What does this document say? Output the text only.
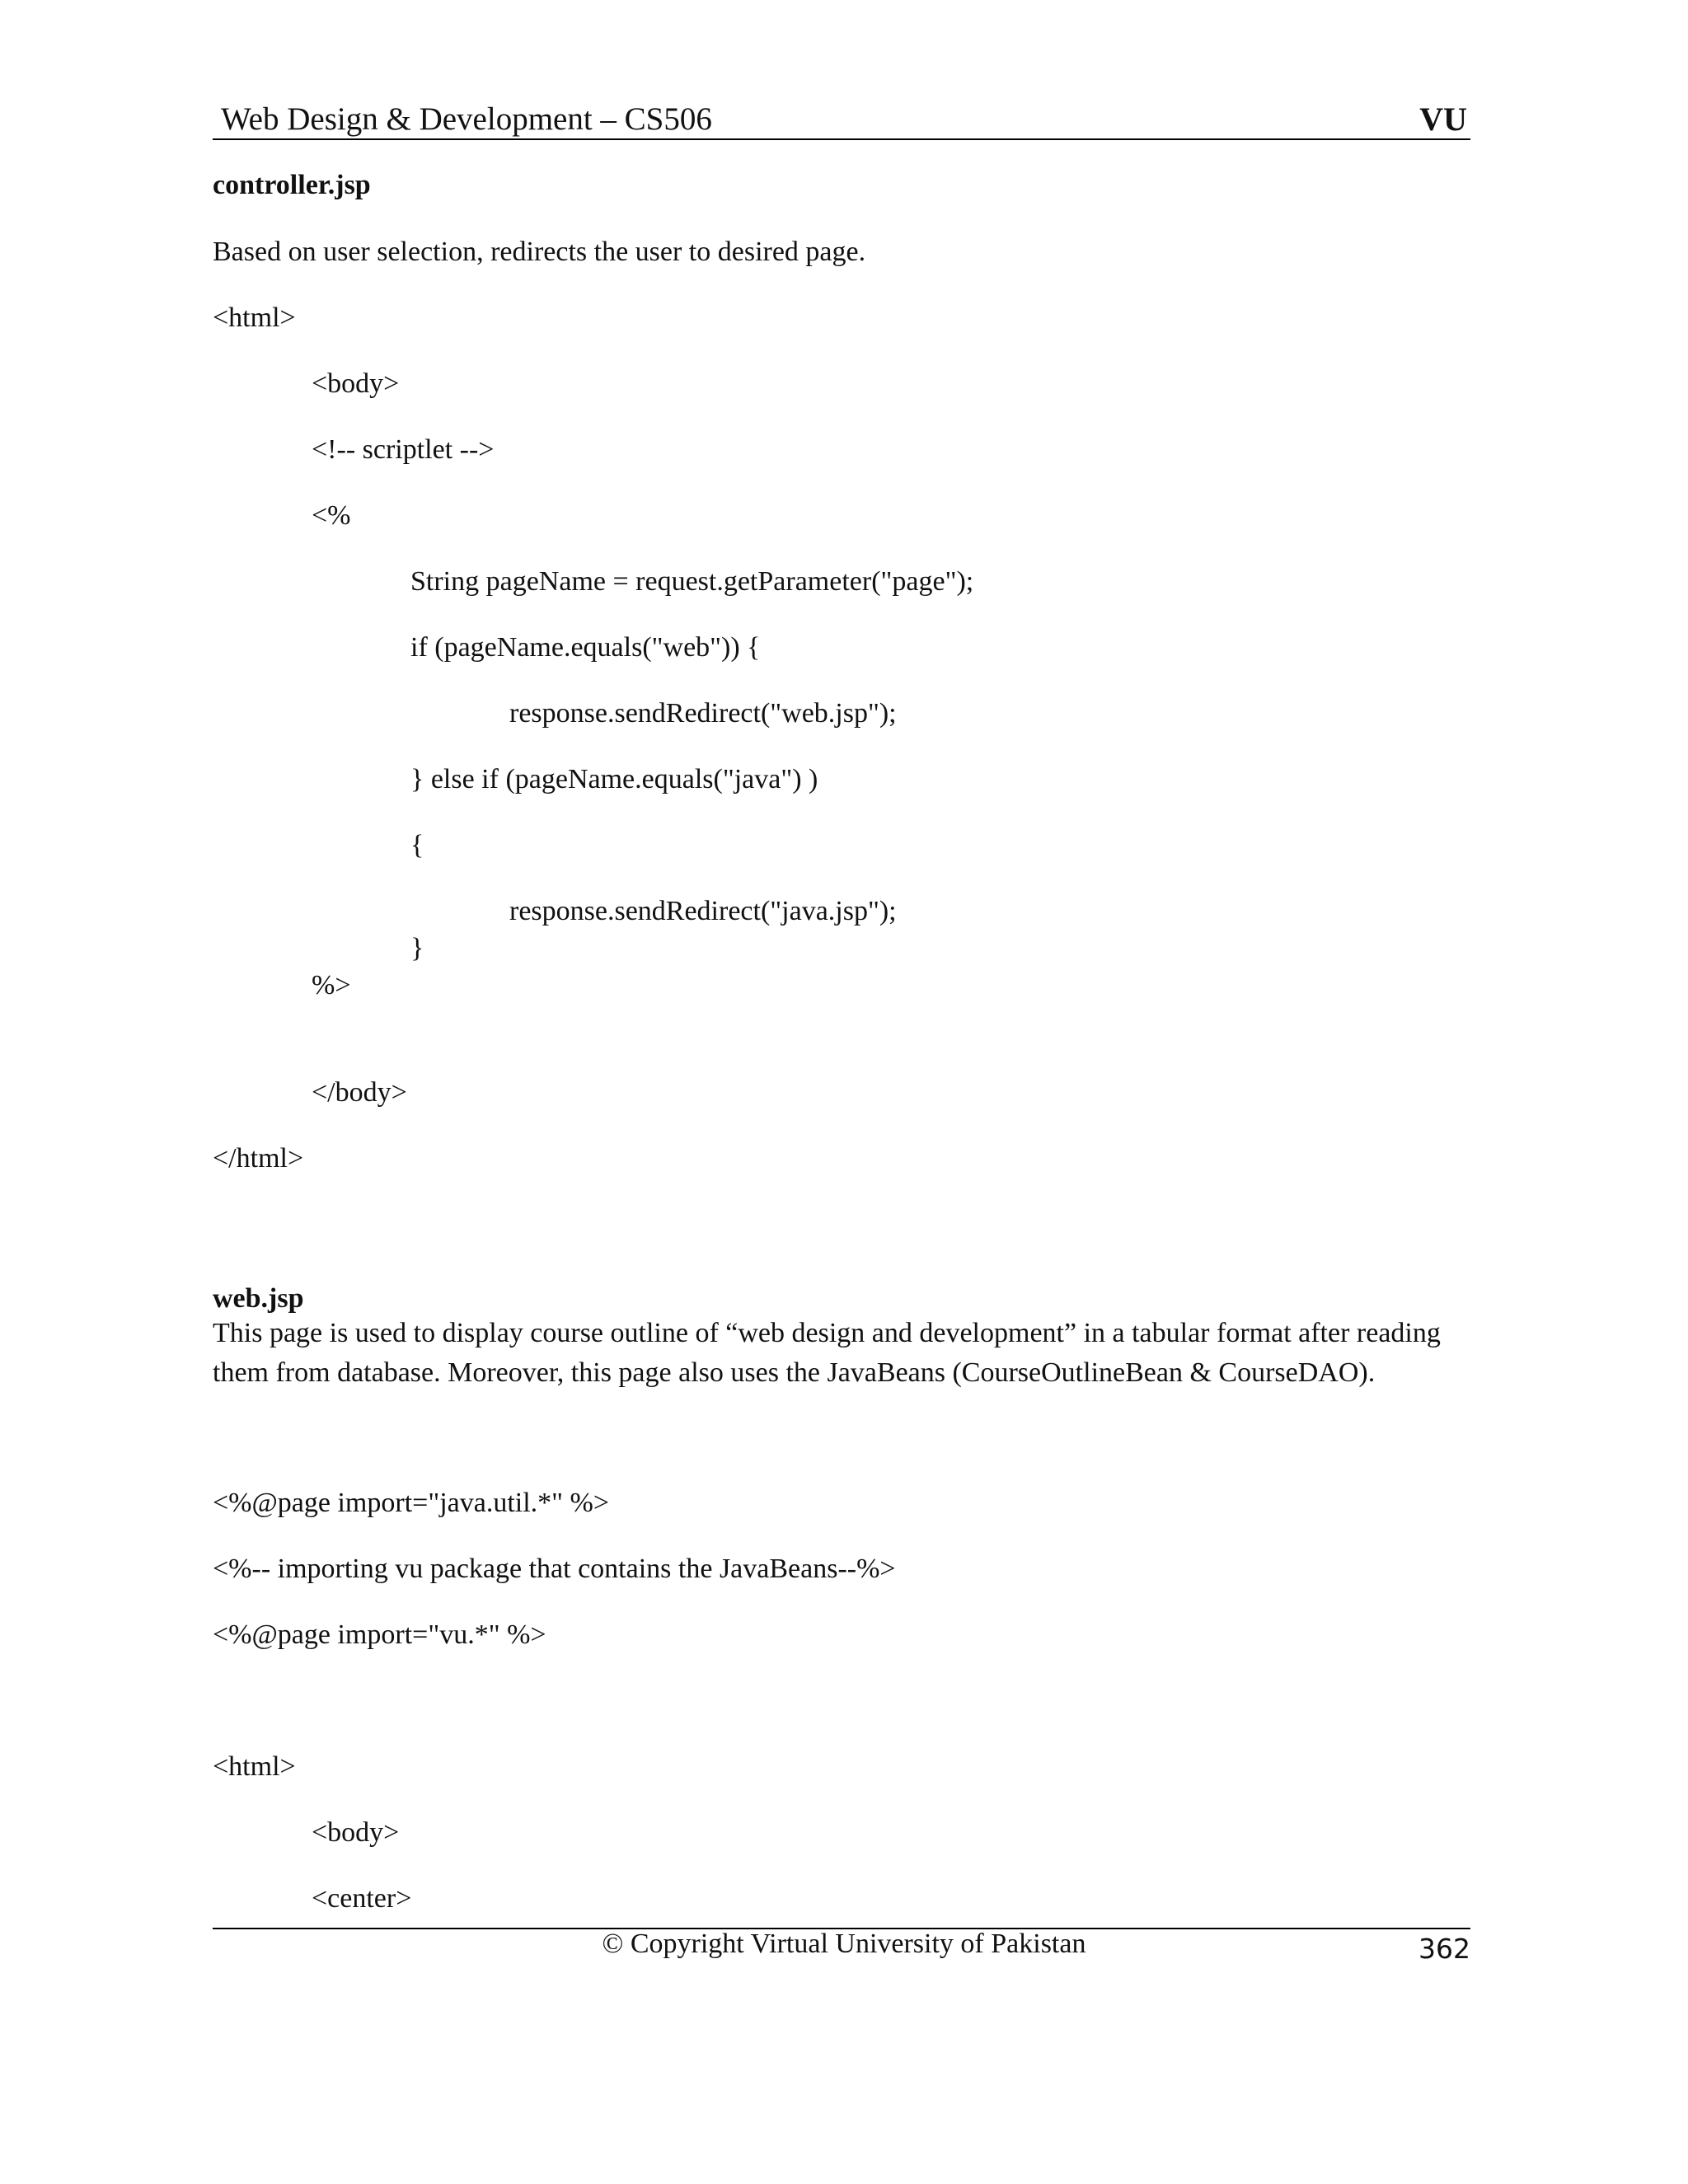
Web Design & Development – CS506	VU
controller.jsp
Based on user selection, redirects the user to desired page.
<html>
<body>
<!-- scriptlet -->
<%
String pageName = request.getParameter("page");
if (pageName.equals("web")) {
response.sendRedirect("web.jsp");
} else if (pageName.equals("java") )
{
response.sendRedirect("java.jsp");
}
%>
</body>
</html>
web.jsp
This page is used to display course outline of “web design and development” in a tabular format after reading them from database. Moreover, this page also uses the JavaBeans (CourseOutlineBean & CourseDAO).
<%@page import="java.util.*" %>
<%-- importing vu package that contains the JavaBeans--%>
<%@page import="vu.*" %>
<html>
<body>
<center>
© Copyright Virtual University of Pakistan	362
